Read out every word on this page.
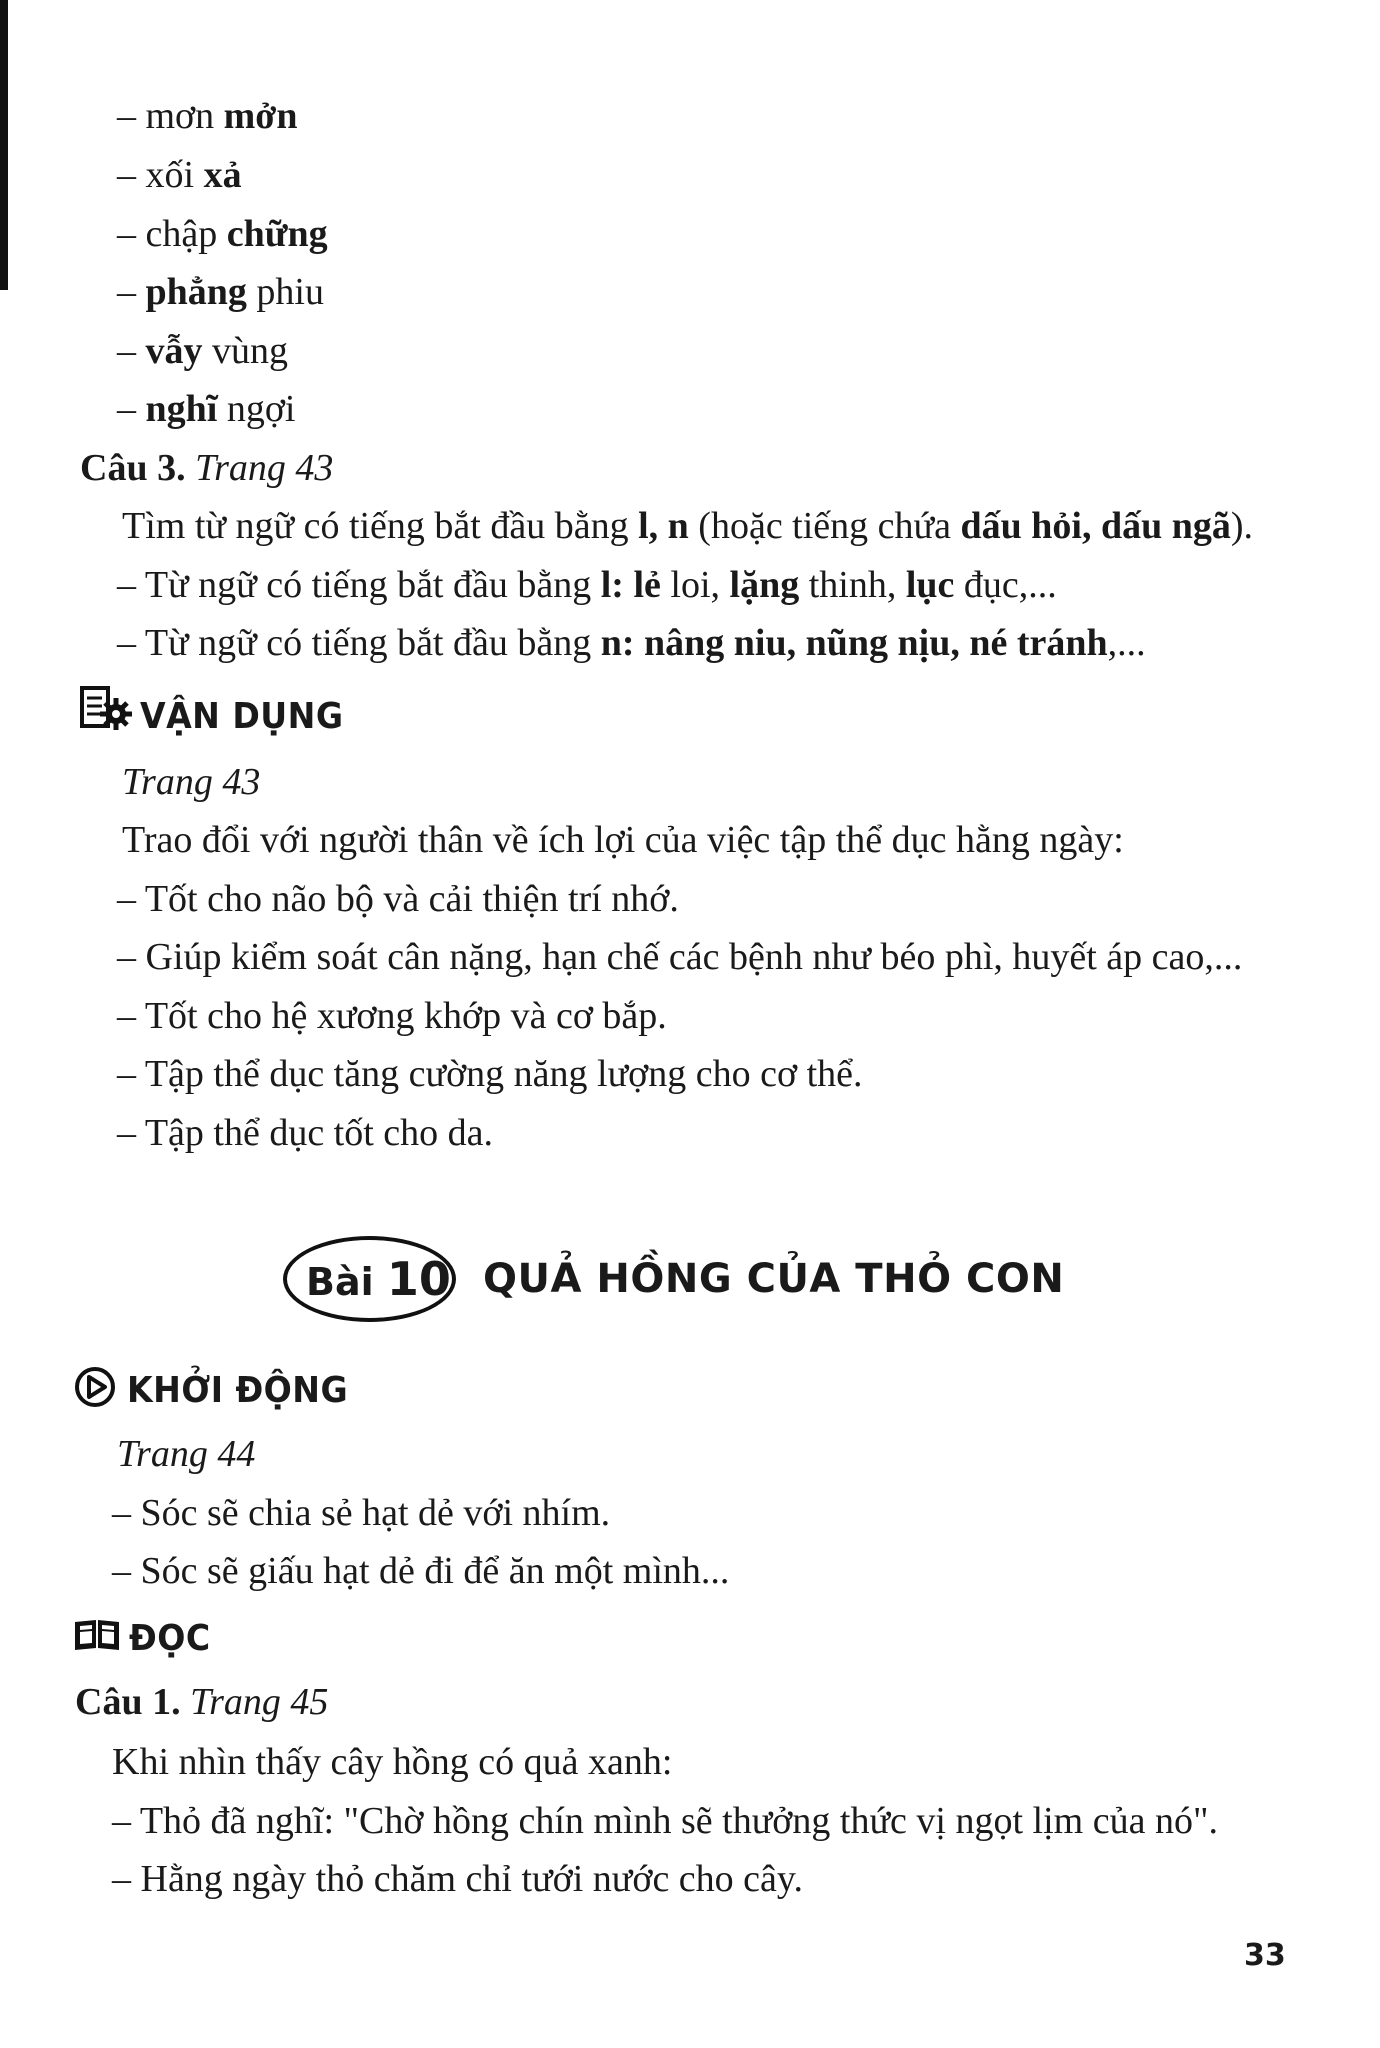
– mơn mởn
– xối xả
– chập chững
– phẳng phiu
– vẫy vùng
– nghĩ ngợi
Câu 3. Trang 43
Tìm từ ngữ có tiếng bắt đầu bằng l, n (hoặc tiếng chứa dấu hỏi, dấu ngã).
– Từ ngữ có tiếng bắt đầu bằng l: lẻ loi, lặng thinh, lục đục,...
– Từ ngữ có tiếng bắt đầu bằng n: nâng niu, nũng nịu, né tránh,...
VẬN DỤNG
Trang 43
Trao đổi với người thân về ích lợi của việc tập thể dục hằng ngày:
– Tốt cho não bộ và cải thiện trí nhớ.
– Giúp kiểm soát cân nặng, hạn chế các bệnh như béo phì, huyết áp cao,...
– Tốt cho hệ xương khớp và cơ bắp.
– Tập thể dục tăng cường năng lượng cho cơ thể.
– Tập thể dục tốt cho da.
Bài 10 QUẢ HỒNG CỦA THỎ CON
KHỞI ĐỘNG
Trang 44
– Sóc sẽ chia sẻ hạt dẻ với nhím.
– Sóc sẽ giấu hạt dẻ đi để ăn một mình...
ĐỌC
Câu 1. Trang 45
Khi nhìn thấy cây hồng có quả xanh:
– Thỏ đã nghĩ: "Chờ hồng chín mình sẽ thưởng thức vị ngọt lịm của nó".
– Hằng ngày thỏ chăm chỉ tưới nước cho cây.
33
